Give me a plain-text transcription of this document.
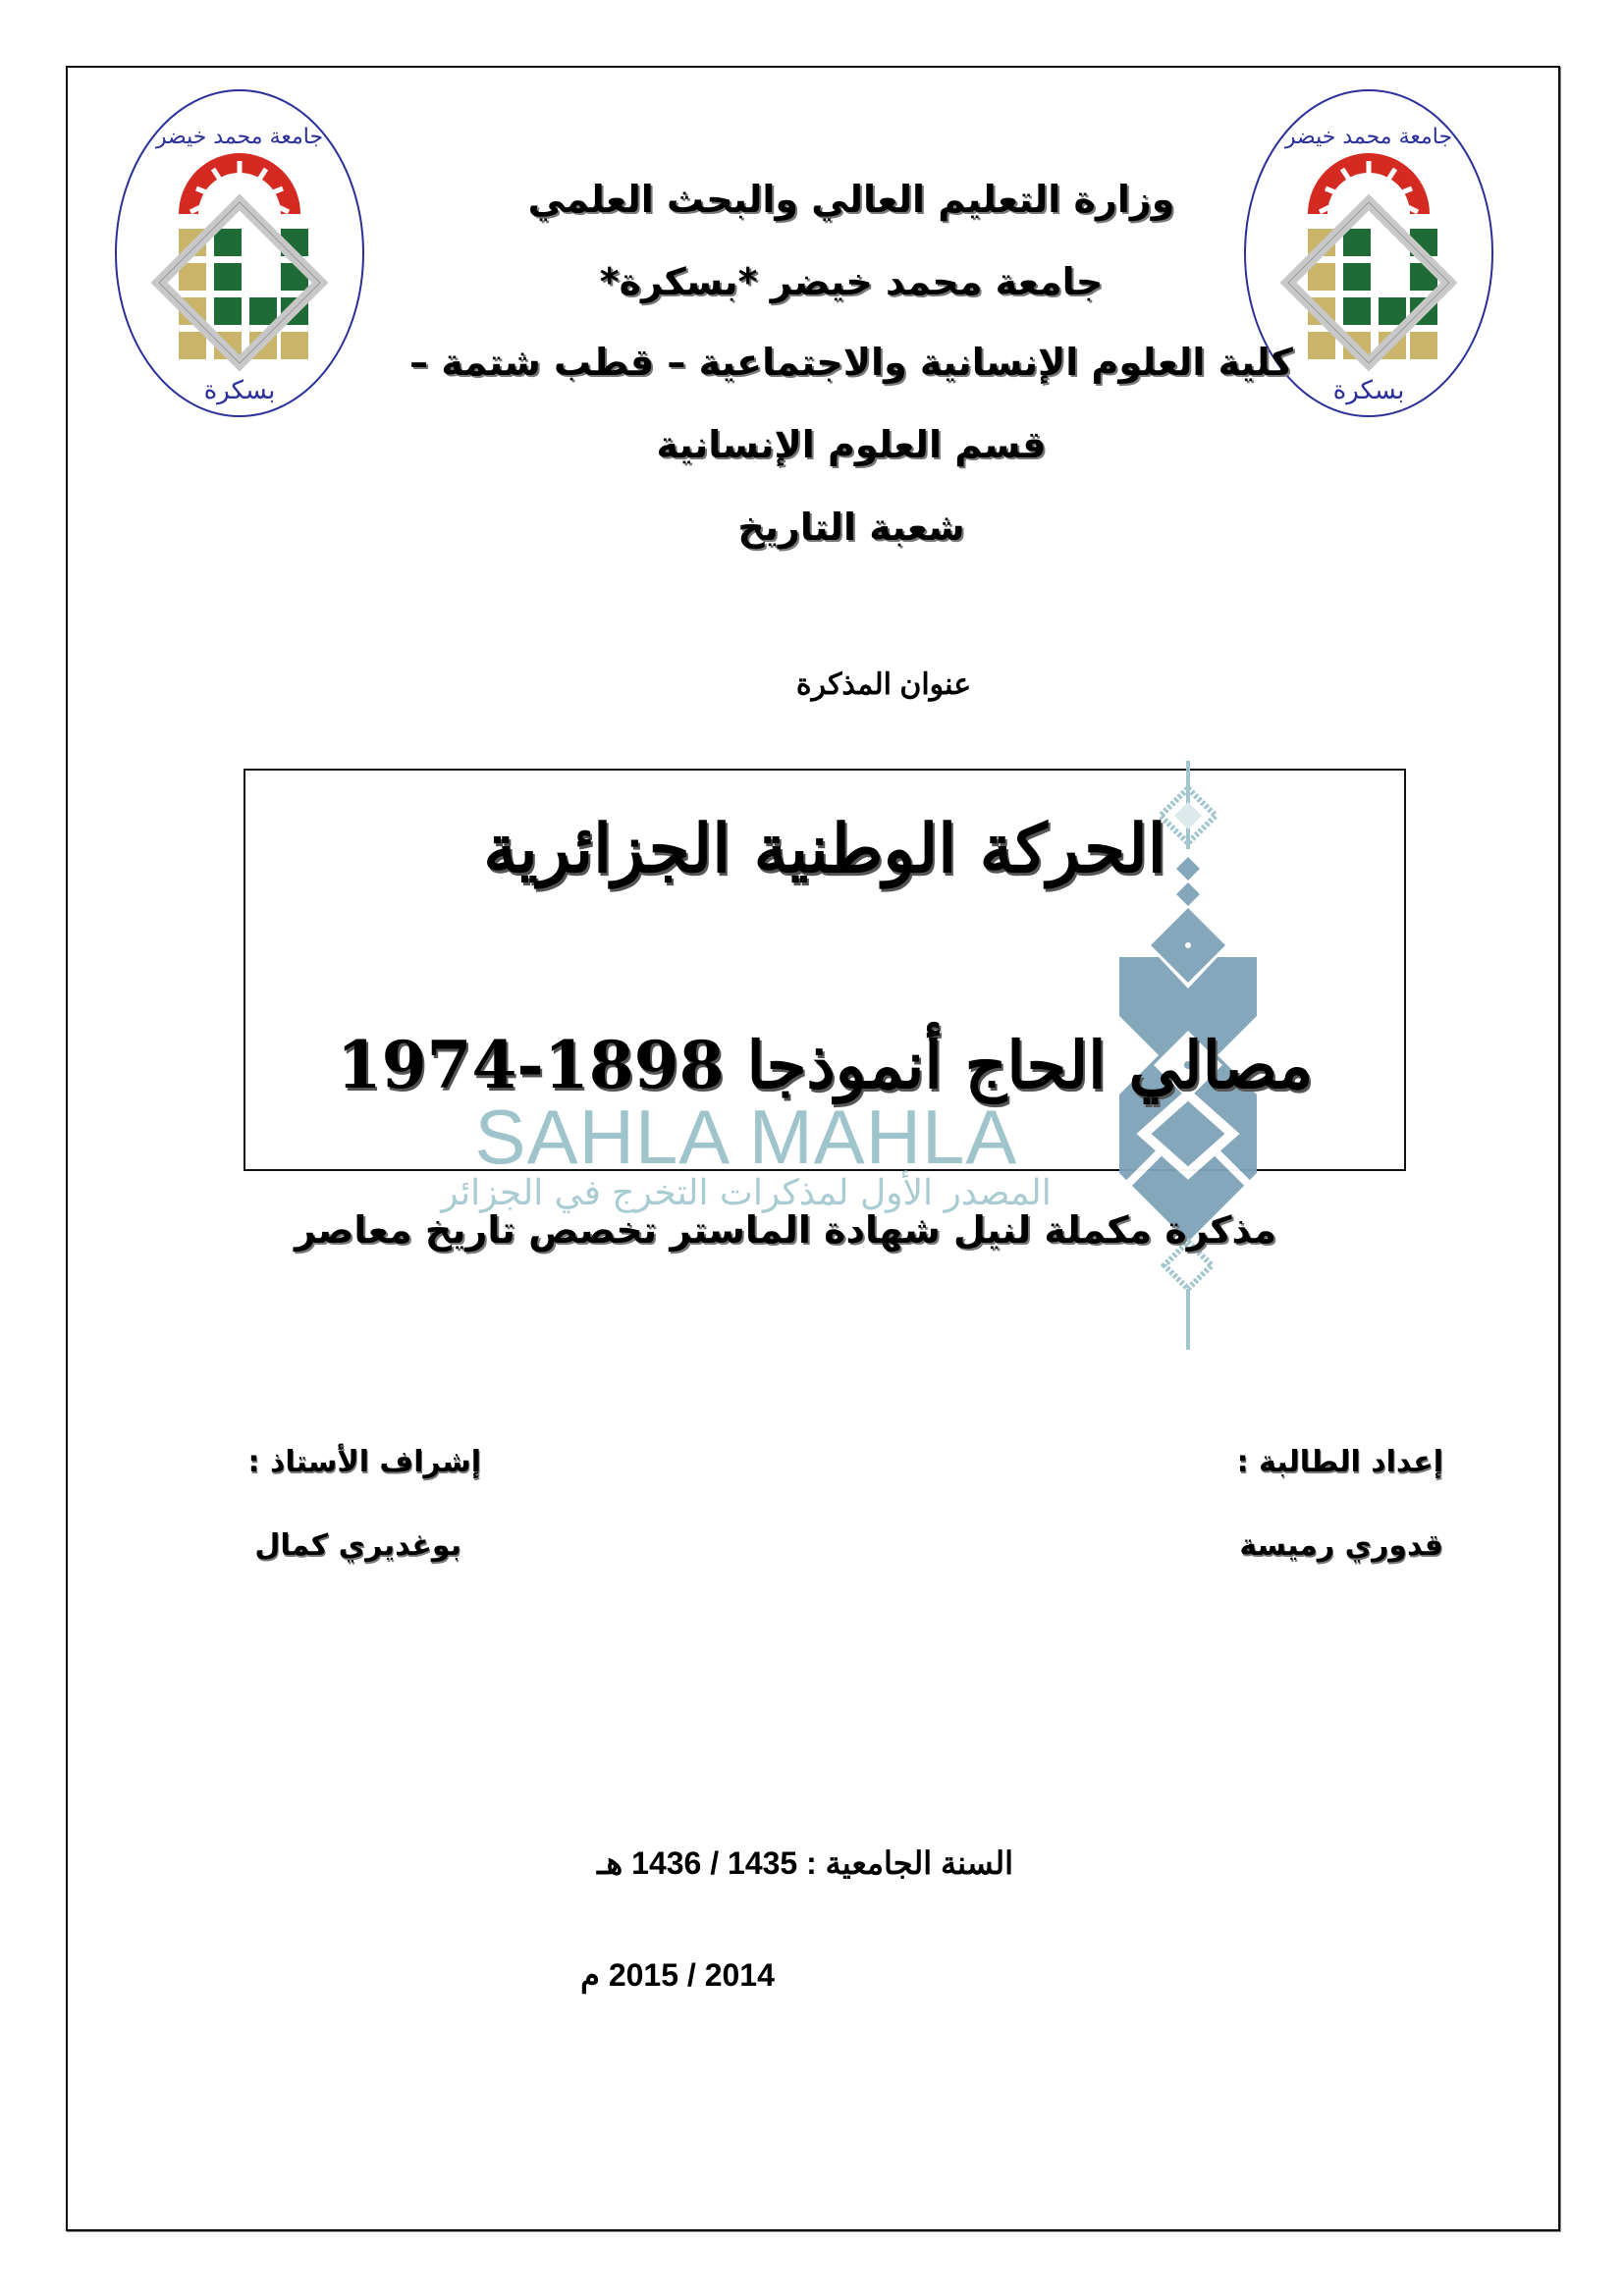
جامعة محمد خيضر
بسكرة
جامعة محمد خيضر
بسكرة
وزارة التعليم العالي والبحث العلمي
جامعة محمد خيضر *بسكرة*
كلية العلوم الإنسانية والاجتماعية – قطب شتمة –
قسم العلوم الإنسانية
شعبة التاريخ
عنوان المذكرة
SAHLA MAHLA
المصدر الأول لمذكرات التخرج في الجزائر
الحركة الوطنية الجزائرية
مصالي الحاج أنموذجا 1898-1974
مذكرة مكملة لنيل شهادة الماستر تخصص تاريخ معاصر
إعداد الطالبة :
قدوري رميسة
إشراف الأستاذ :
بوغديري كمال
السنة الجامعية : 1435 / 1436 هـ
2014 / 2015 م
